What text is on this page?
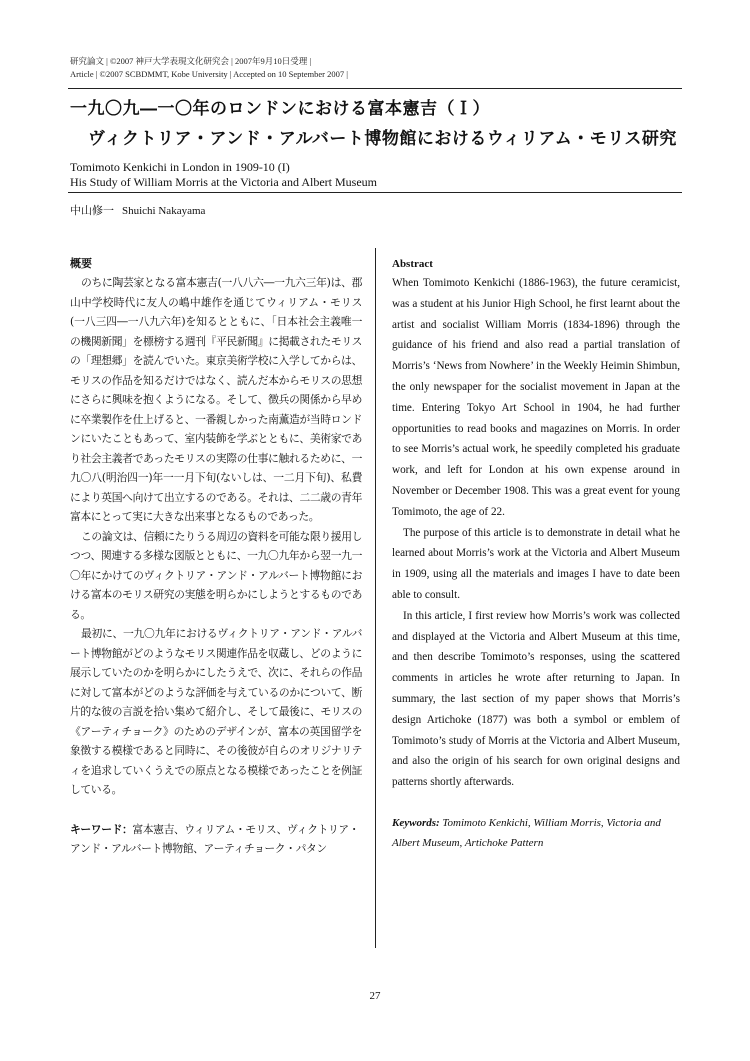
研究論文 | ©2007 神戸大学表現文化研究会 | 2007年9月10日受理 |
Article | ©2007 SCBDMMT, Kobe University | Accepted on 10 September 2007 |
一九〇九―一〇年のロンドンにおける富本憲吉（Ｉ）
ヴィクトリア・アンド・アルバート博物館におけるウィリアム・モリス研究
Tomimoto Kenkichi in London in 1909-10 (I)
His Study of William Morris at the Victoria and Albert Museum
中山修一 Shuichi Nakayama
概要

のちに陶芸家となる富本憲吉(一八八六―一九六三年)は、郡山中学校時代に友人の嶋中雄作を通じてウィリアム・モリス(一八三四―一八九六年)を知るとともに、「日本社会主義唯一の機関新聞」を標榜する週刊『平民新聞』に掲載されたモリスの「理想郷」を読んでいた。東京美術学校に入学してからは、モリスの作品を知るだけではなく、読んだ本からモリスの思想にさらに興味を抱くようになる。そして、徴兵の関係から早めに卒業製作を仕上げると、一番親しかった南薫造が当時ロンドンにいたこともあって、室内装飾を学ぶとともに、美術家であり社会主義者であったモリスの実際の仕事に触れるために、一九〇八(明治四一)年一一月下旬(ないしは、一二月下旬)、私費により英国へ向けて出立するのである。それは、二二歳の青年富本にとって実に大きな出来事となるものであった。

この論文は、信頼にたりうる周辺の資料を可能な限り援用しつつ、関連する多様な図版とともに、一九〇九年から翌一九一〇年にかけてのヴィクトリア・アンド・アルバート博物館における富本のモリス研究の実態を明らかにしようとするものである。

最初に、一九〇九年におけるヴィクトリア・アンド・アルバート博物館がどのようなモリス関連作品を収蔵し、どのように展示していたのかを明らかにしたうえで、次に、それらの作品に対して富本がどのような評価を与えているのかについて、断片的な彼の言説を拾い集めて紹介し、そして最後に、モリスの《アーティチョーク》のためのデザインが、富本の英国留学を象徴する模様であると同時に、その後彼が自らのオリジナリティを追求していくうえでの原点となる模様であったことを例証している。

キーワード：富本憲吉、ウィリアム・モリス、ヴィクトリア・アンド・アルバート博物館、アーティチョーク・パタン
Abstract

When Tomimoto Kenkichi (1886-1963), the future ceramicist, was a student at his Junior High School, he first learnt about the artist and socialist William Morris (1834-1896) through the guidance of his friend and also read a partial translation of Morris’s ‘News from Nowhere’ in the Weekly Heimin Shimbun, the only newspaper for the socialist movement in Japan at the time. Entering Tokyo Art School in 1904, he had further opportunities to read books and magazines on Morris. In order to see Morris’s actual work, he speedily completed his graduate work, and left for London at his own expense around in November or December 1908. This was a great event for young Tomimoto, the age of 22.

The purpose of this article is to demonstrate in detail what he learned about Morris’s work at the Victoria and Albert Museum in 1909, using all the materials and images I have to date been able to consult.

In this article, I first review how Morris’s work was collected and displayed at the Victoria and Albert Museum at this time, and then describe Tomimoto’s responses, using the scattered comments in articles he wrote after returning to Japan. In summary, the last section of my paper shows that Morris’s design Artichoke (1877) was both a symbol or emblem of Tomimoto’s study of Morris at the Victoria and Albert Museum, and also the origin of his search for own original designs and patterns shortly afterwards.

Keywords: Tomimoto Kenkichi, William Morris, Victoria and Albert Museum, Artichoke Pattern
27
